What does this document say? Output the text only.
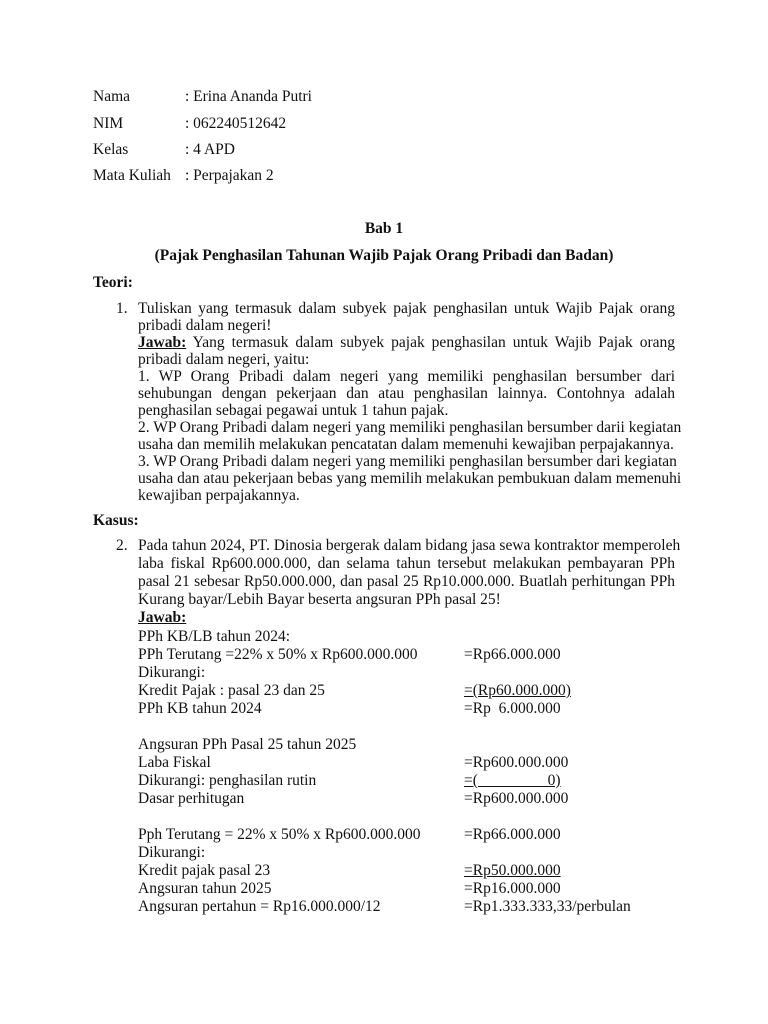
Nama	: Erina Ananda Putri
NIM	: 062240512642
Kelas	: 4 APD
Mata Kuliah : Perpajakan 2
Bab 1
(Pajak Penghasilan Tahunan Wajib Pajak Orang Pribadi dan Badan)
Teori:
1. Tuliskan yang termasuk dalam subyek pajak penghasilan untuk Wajib Pajak orang
pribadi dalam negeri!
Jawab: Yang termasuk dalam subyek pajak penghasilan untuk Wajib Pajak orang
pribadi dalam negeri, yaitu:
1. WP Orang Pribadi dalam negeri yang memiliki penghasilan bersumber dari
sehubungan dengan pekerjaan dan atau penghasilan lainnya. Contohnya adalah
penghasilan sebagai pegawai untuk 1 tahun pajak.
2. WP Orang Pribadi dalam negeri yang memiliki penghasilan bersumber darii kegiatan
usaha dan memilih melakukan pencatatan dalam memenuhi kewajiban perpajakannya.
3. WP Orang Pribadi dalam negeri yang memiliki penghasilan bersumber dari kegiatan
usaha dan atau pekerjaan bebas yang memilih melakukan pembukuan dalam memenuhi
kewajiban perpajakannya.
Kasus:
2. Pada tahun 2024, PT. Dinosia bergerak dalam bidang jasa sewa kontraktor memperoleh
laba fiskal Rp600.000.000, dan selama tahun tersebut melakukan pembayaran PPh
pasal 21 sebesar Rp50.000.000, dan pasal 25 Rp10.000.000. Buatlah perhitungan PPh
Kurang bayar/Lebih Bayar beserta angsuran PPh pasal 25!
Jawab:
PPh KB/LB tahun 2024:
PPh Terutang =22% x 50% x Rp600.000.000	=Rp66.000.000
Dikurangi:
Kredit Pajak : pasal 23 dan 25	=(Rp60.000.000)
PPh KB tahun 2024	=Rp  6.000.000
Angsuran PPh Pasal 25 tahun 2025
Laba Fiskal	=Rp600.000.000
Dikurangi: penghasilan rutin	=(                  0)
Dasar perhitugan	=Rp600.000.000
Pph Terutang = 22% x 50% x Rp600.000.000	=Rp66.000.000
Dikurangi:
Kredit pajak pasal 23	=Rp50.000.000
Angsuran tahun 2025	=Rp16.000.000
Angsuran pertahun = Rp16.000.000/12	=Rp1.333.333,33/perbulan
